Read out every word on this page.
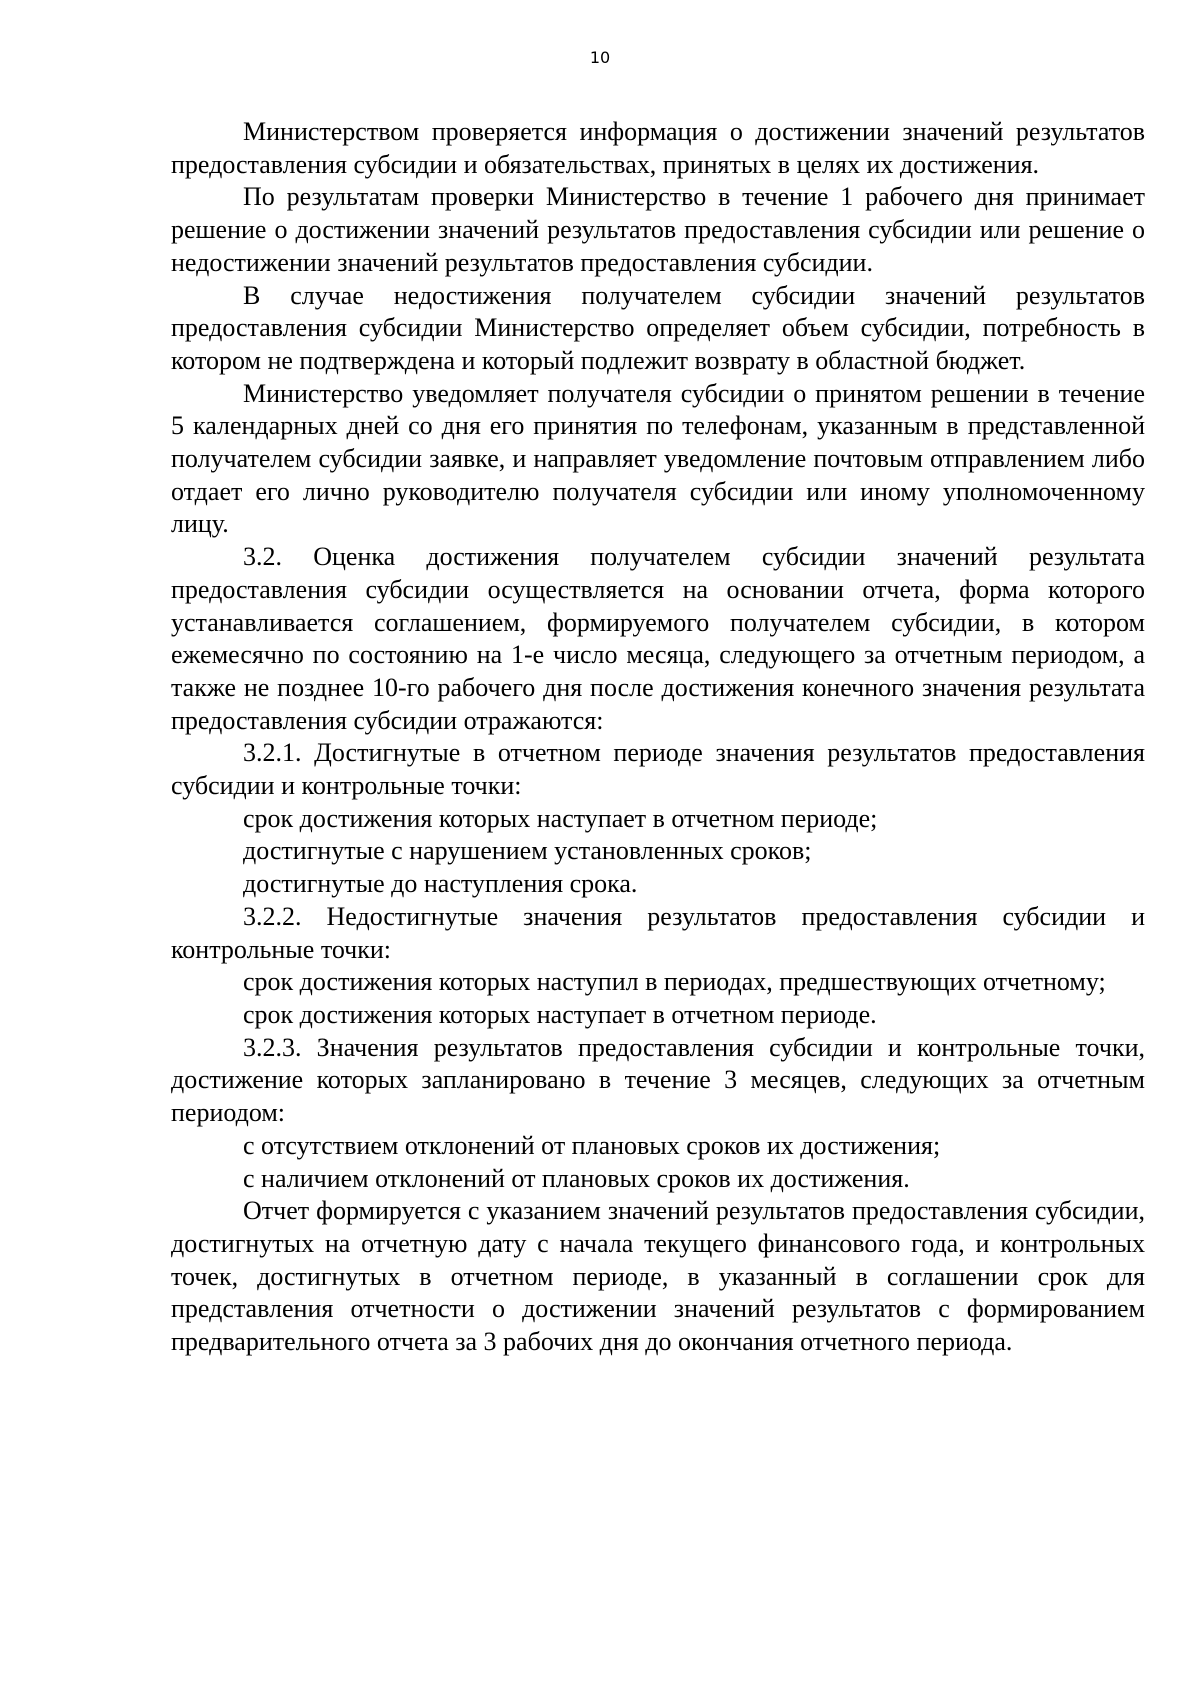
10

Министерством проверяется информация о достижении значений результатов предоставления субсидии и обязательствах, принятых в целях их достижения.

По результатам проверки Министерство в течение 1 рабочего дня принимает решение о достижении значений результатов предоставления субсидии или решение о недостижении значений результатов предоставления субсидии.

В случае недостижения получателем субсидии значений результатов предоставления субсидии Министерство определяет объем субсидии, потребность в котором не подтверждена и который подлежит возврату в областной бюджет.

Министерство уведомляет получателя субсидии о принятом решении в течение 5 календарных дней со дня его принятия по телефонам, указанным в представленной получателем субсидии заявке, и направляет уведомление почтовым отправлением либо отдает его лично руководителю получателя субсидии или иному уполномоченному лицу.

3.2. Оценка достижения получателем субсидии значений результата предоставления субсидии осуществляется на основании отчета, форма которого устанавливается соглашением, формируемого получателем субсидии, в котором ежемесячно по состоянию на 1-е число месяца, следующего за отчетным периодом, а также не позднее 10-го рабочего дня после достижения конечного значения результата предоставления субсидии отражаются:

3.2.1. Достигнутые в отчетном периоде значения результатов предоставления субсидии и контрольные точки:

срок достижения которых наступает в отчетном периоде;

достигнутые с нарушением установленных сроков;

достигнутые до наступления срока.

3.2.2. Недостигнутые значения результатов предоставления субсидии и контрольные точки:

срок достижения которых наступил в периодах, предшествующих отчетному;

срок достижения которых наступает в отчетном периоде.

3.2.3. Значения результатов предоставления субсидии и контрольные точки, достижение которых запланировано в течение 3 месяцев, следующих за отчетным периодом:

с отсутствием отклонений от плановых сроков их достижения;

с наличием отклонений от плановых сроков их достижения.

Отчет формируется с указанием значений результатов предоставления субсидии, достигнутых на отчетную дату с начала текущего финансового года, и контрольных точек, достигнутых в отчетном периоде, в указанный в соглашении срок для представления отчетности о достижении значений результатов с формированием предварительного отчета за 3 рабочих дня до окончания отчетного периода.
